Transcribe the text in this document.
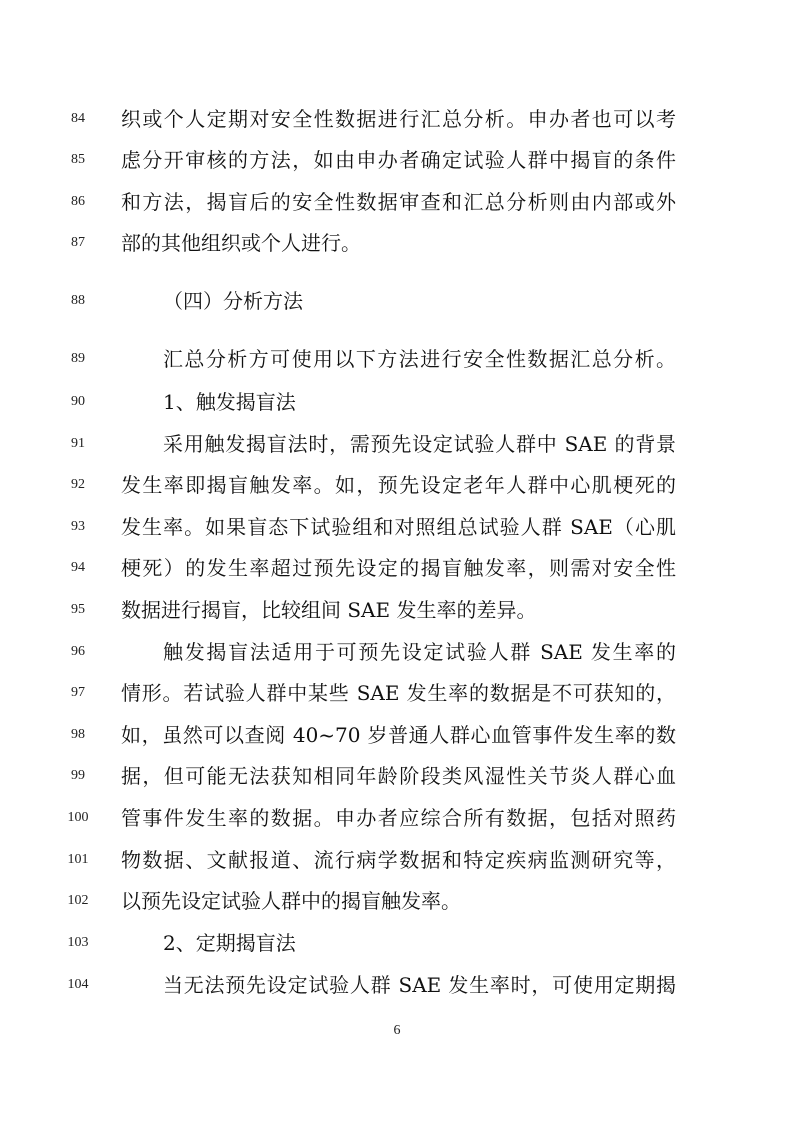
84	织或个人定期对安全性数据进行汇总分析。申办者也可以考
85	虑分开审核的方法，如由申办者确定试验人群中揭盲的条件
86	和方法，揭盲后的安全性数据审查和汇总分析则由内部或外
87	部的其他组织或个人进行。
88	（四）分析方法
89	汇总分析方可使用以下方法进行安全性数据汇总分析。
90	1、触发揭盲法
91	采用触发揭盲法时，需预先设定试验人群中 SAE 的背景
92	发生率即揭盲触发率。如，预先设定老年人群中心肌梗死的
93	发生率。如果盲态下试验组和对照组总试验人群 SAE（心肌
94	梗死）的发生率超过预先设定的揭盲触发率，则需对安全性
95	数据进行揭盲，比较组间 SAE 发生率的差异。
96	触发揭盲法适用于可预先设定试验人群 SAE 发生率的
97	情形。若试验人群中某些 SAE 发生率的数据是不可获知的，
98	如，虽然可以查阅 40~70 岁普通人群心血管事件发生率的数
99	据，但可能无法获知相同年龄阶段类风湿性关节炎人群心血
100	管事件发生率的数据。申办者应综合所有数据，包括对照药
101	物数据、文献报道、流行病学数据和特定疾病监测研究等，
102	以预先设定试验人群中的揭盲触发率。
103	2、定期揭盲法
104	当无法预先设定试验人群 SAE 发生率时，可使用定期揭
6
